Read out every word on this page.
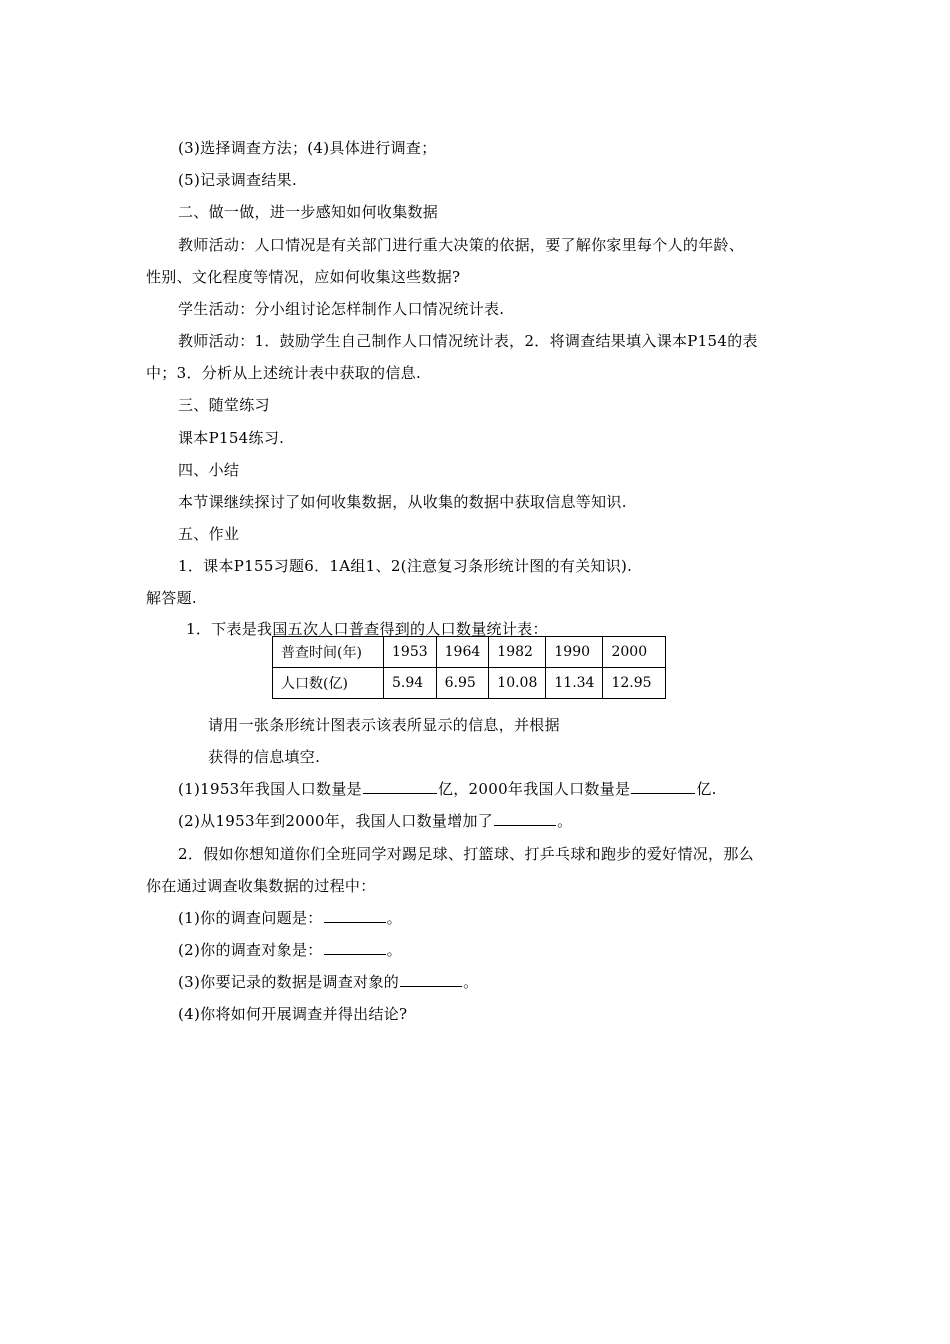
(3)选择调查方法；(4)具体进行调查；
(5)记录调查结果.
二、做一做，进一步感知如何收集数据
教师活动：人口情况是有关部门进行重大决策的依据，要了解你家里每个人的年龄、
性别、文化程度等情况，应如何收集这些数据?
学生活动：分小组讨论怎样制作人口情况统计表.
教师活动：1．鼓励学生自己制作人口情况统计表，2．将调查结果填入课本P154的表
中；3．分析从上述统计表中获取的信息.
三、随堂练习
课本P154练习.
四、小结
本节课继续探讨了如何收集数据，从收集的数据中获取信息等知识.
五、作业
1．课本P155习题6．1A组1、2(注意复习条形统计图的有关知识).
解答题.
1．下表是我国五次人口普查得到的人口数量统计表：
普查时间(年)	1953	1964	1982	1990	2000
人口数(亿)	5.94	6.95	10.08	11.34	12.95
请用一张条形统计图表示该表所显示的信息，并根据
获得的信息填空.
(1)1953年我国人口数量是	亿，2000年我国人口数量是	亿.
(2)从1953年到2000年，我国人口数量增加了	。
2．假如你想知道你们全班同学对踢足球、打篮球、打乒乓球和跑步的爱好情况，那么
你在通过调查收集数据的过程中：
(1)你的调查问题是：	。
(2)你的调查对象是：	。
(3)你要记录的数据是调查对象的	。
(4)你将如何开展调查并得出结论?
